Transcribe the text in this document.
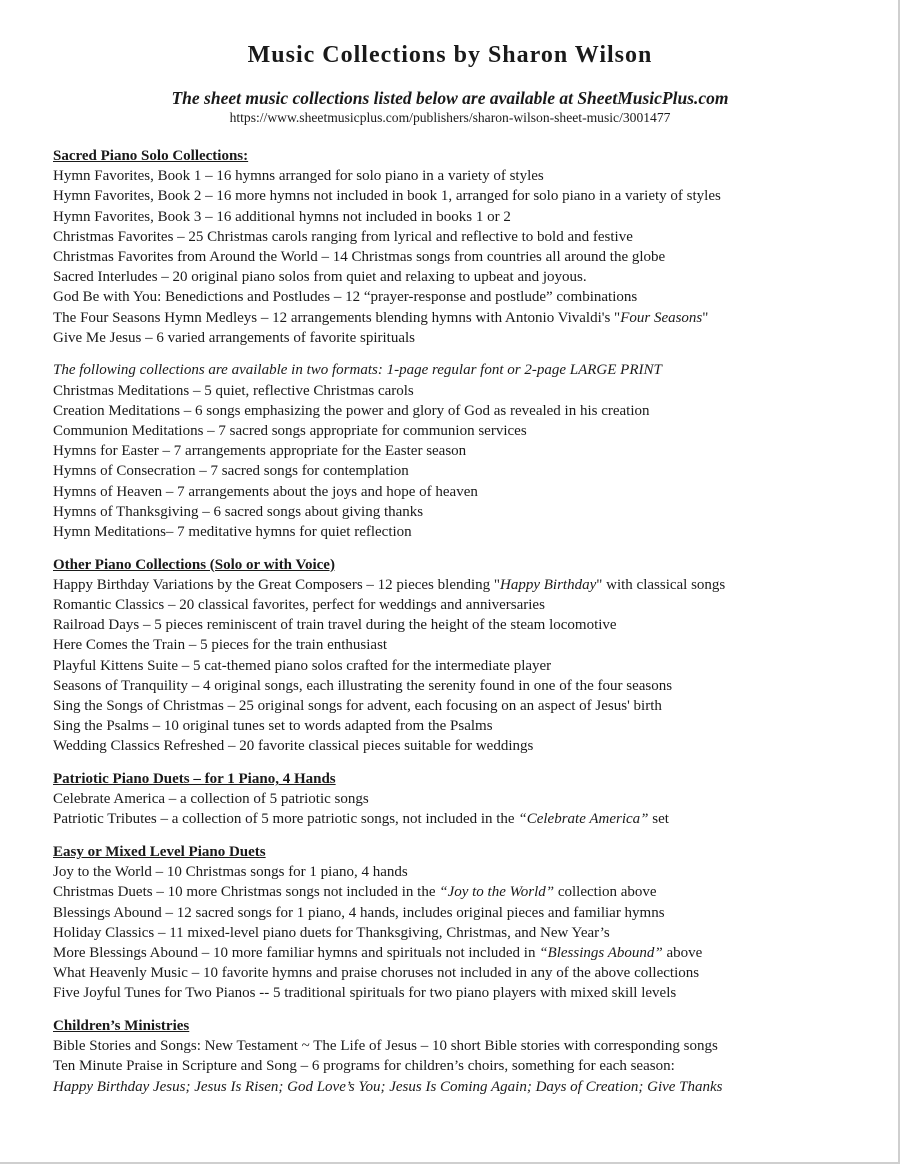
Music Collections by Sharon Wilson
The sheet music collections listed below are available at SheetMusicPlus.com
https://www.sheetmusicplus.com/publishers/sharon-wilson-sheet-music/3001477
Sacred Piano Solo Collections:
Hymn Favorites, Book 1 – 16 hymns arranged for solo piano in a variety of styles
Hymn Favorites, Book 2 – 16 more hymns not included in book 1, arranged for solo piano in a variety of styles
Hymn Favorites, Book 3 – 16 additional hymns not included in books 1 or 2
Christmas Favorites – 25 Christmas carols ranging from lyrical and reflective to bold and festive
Christmas Favorites from Around the World – 14 Christmas songs from countries all around the globe
Sacred Interludes – 20 original piano solos from quiet and relaxing to upbeat and joyous.
God Be with You: Benedictions and Postludes – 12 “prayer-response and postlude” combinations
The Four Seasons Hymn Medleys – 12 arrangements blending hymns with Antonio Vivaldi's "Four Seasons"
Give Me Jesus – 6 varied arrangements of favorite spirituals
The following collections are available in two formats: 1-page regular font or 2-page LARGE PRINT
Christmas Meditations – 5 quiet, reflective Christmas carols
Creation Meditations – 6 songs emphasizing the power and glory of God as revealed in his creation
Communion Meditations – 7 sacred songs appropriate for communion services
Hymns for Easter – 7 arrangements appropriate for the Easter season
Hymns of Consecration – 7 sacred songs for contemplation
Hymns of Heaven – 7 arrangements about the joys and hope of heaven
Hymns of Thanksgiving – 6 sacred songs about giving thanks
Hymn Meditations– 7 meditative hymns for quiet reflection
Other Piano Collections (Solo or with Voice)
Happy Birthday Variations by the Great Composers – 12 pieces blending "Happy Birthday" with classical songs
Romantic Classics – 20 classical favorites, perfect for weddings and anniversaries
Railroad Days – 5 pieces reminiscent of train travel during the height of the steam locomotive
Here Comes the Train – 5 pieces for the train enthusiast
Playful Kittens Suite – 5 cat-themed piano solos crafted for the intermediate player
Seasons of Tranquility – 4 original songs, each illustrating the serenity found in one of the four seasons
Sing the Songs of Christmas – 25 original songs for advent, each focusing on an aspect of Jesus' birth
Sing the Psalms – 10 original tunes set to words adapted from the Psalms
Wedding Classics Refreshed – 20 favorite classical pieces suitable for weddings
Patriotic Piano Duets – for 1 Piano, 4 Hands
Celebrate America – a collection of 5 patriotic songs
Patriotic Tributes – a collection of 5 more patriotic songs, not included in the “Celebrate America” set
Easy or Mixed Level Piano Duets
Joy to the World – 10 Christmas songs for 1 piano, 4 hands
Christmas Duets – 10 more Christmas songs not included in the “Joy to the World” collection above
Blessings Abound – 12 sacred songs for 1 piano, 4 hands, includes original pieces and familiar hymns
Holiday Classics – 11 mixed-level piano duets for Thanksgiving, Christmas, and New Year’s
More Blessings Abound – 10 more familiar hymns and spirituals not included in “Blessings Abound” above
What Heavenly Music – 10 favorite hymns and praise choruses not included in any of the above collections
Five Joyful Tunes for Two Pianos -- 5 traditional spirituals for two piano players with mixed skill levels
Children’s Ministries
Bible Stories and Songs: New Testament ~ The Life of Jesus – 10 short Bible stories with corresponding songs
Ten Minute Praise in Scripture and Song – 6 programs for children’s choirs, something for each season:
Happy Birthday Jesus; Jesus Is Risen; God Love’s You; Jesus Is Coming Again; Days of Creation; Give Thanks
